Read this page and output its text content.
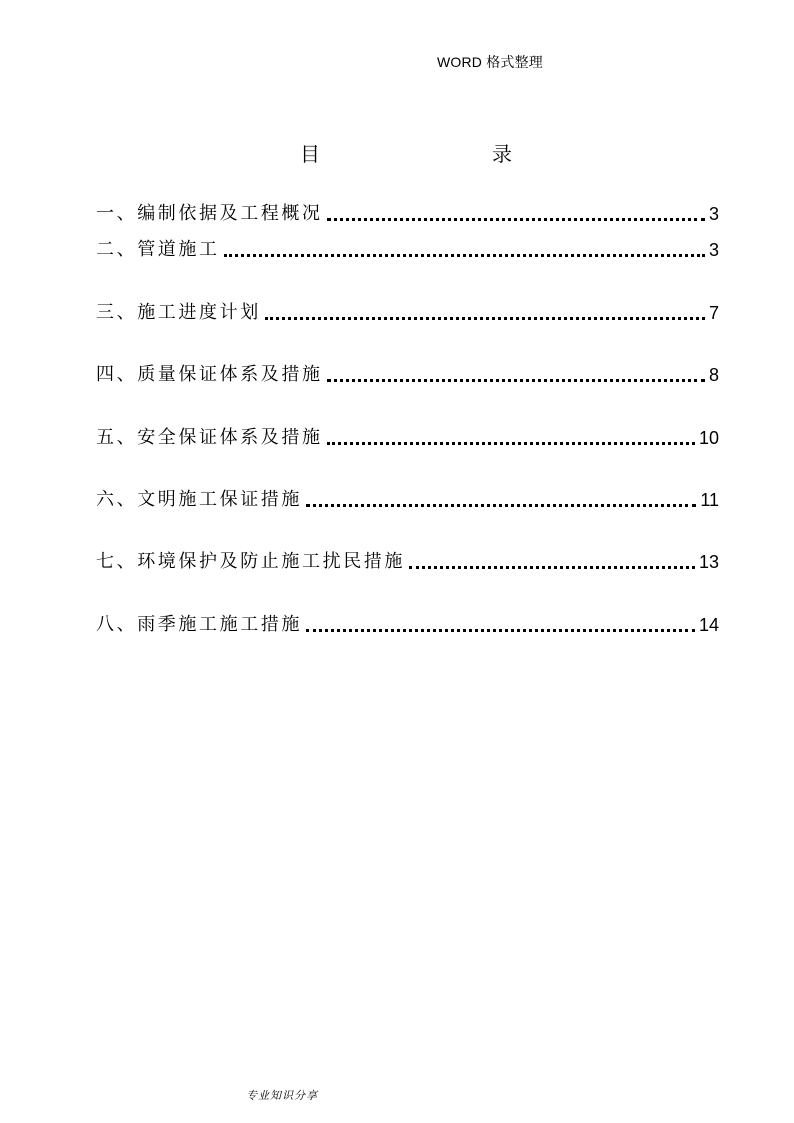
WORD 格式整理
目	录
一、编制依据及工程概况	3
二、管道施工	3
三、施工进度计划	7
四、质量保证体系及措施	8
五、安全保证体系及措施	10
六、文明施工保证措施	11
七、环境保护及防止施工扰民措施	13
八、雨季施工施工措施	14
专业知识分享
